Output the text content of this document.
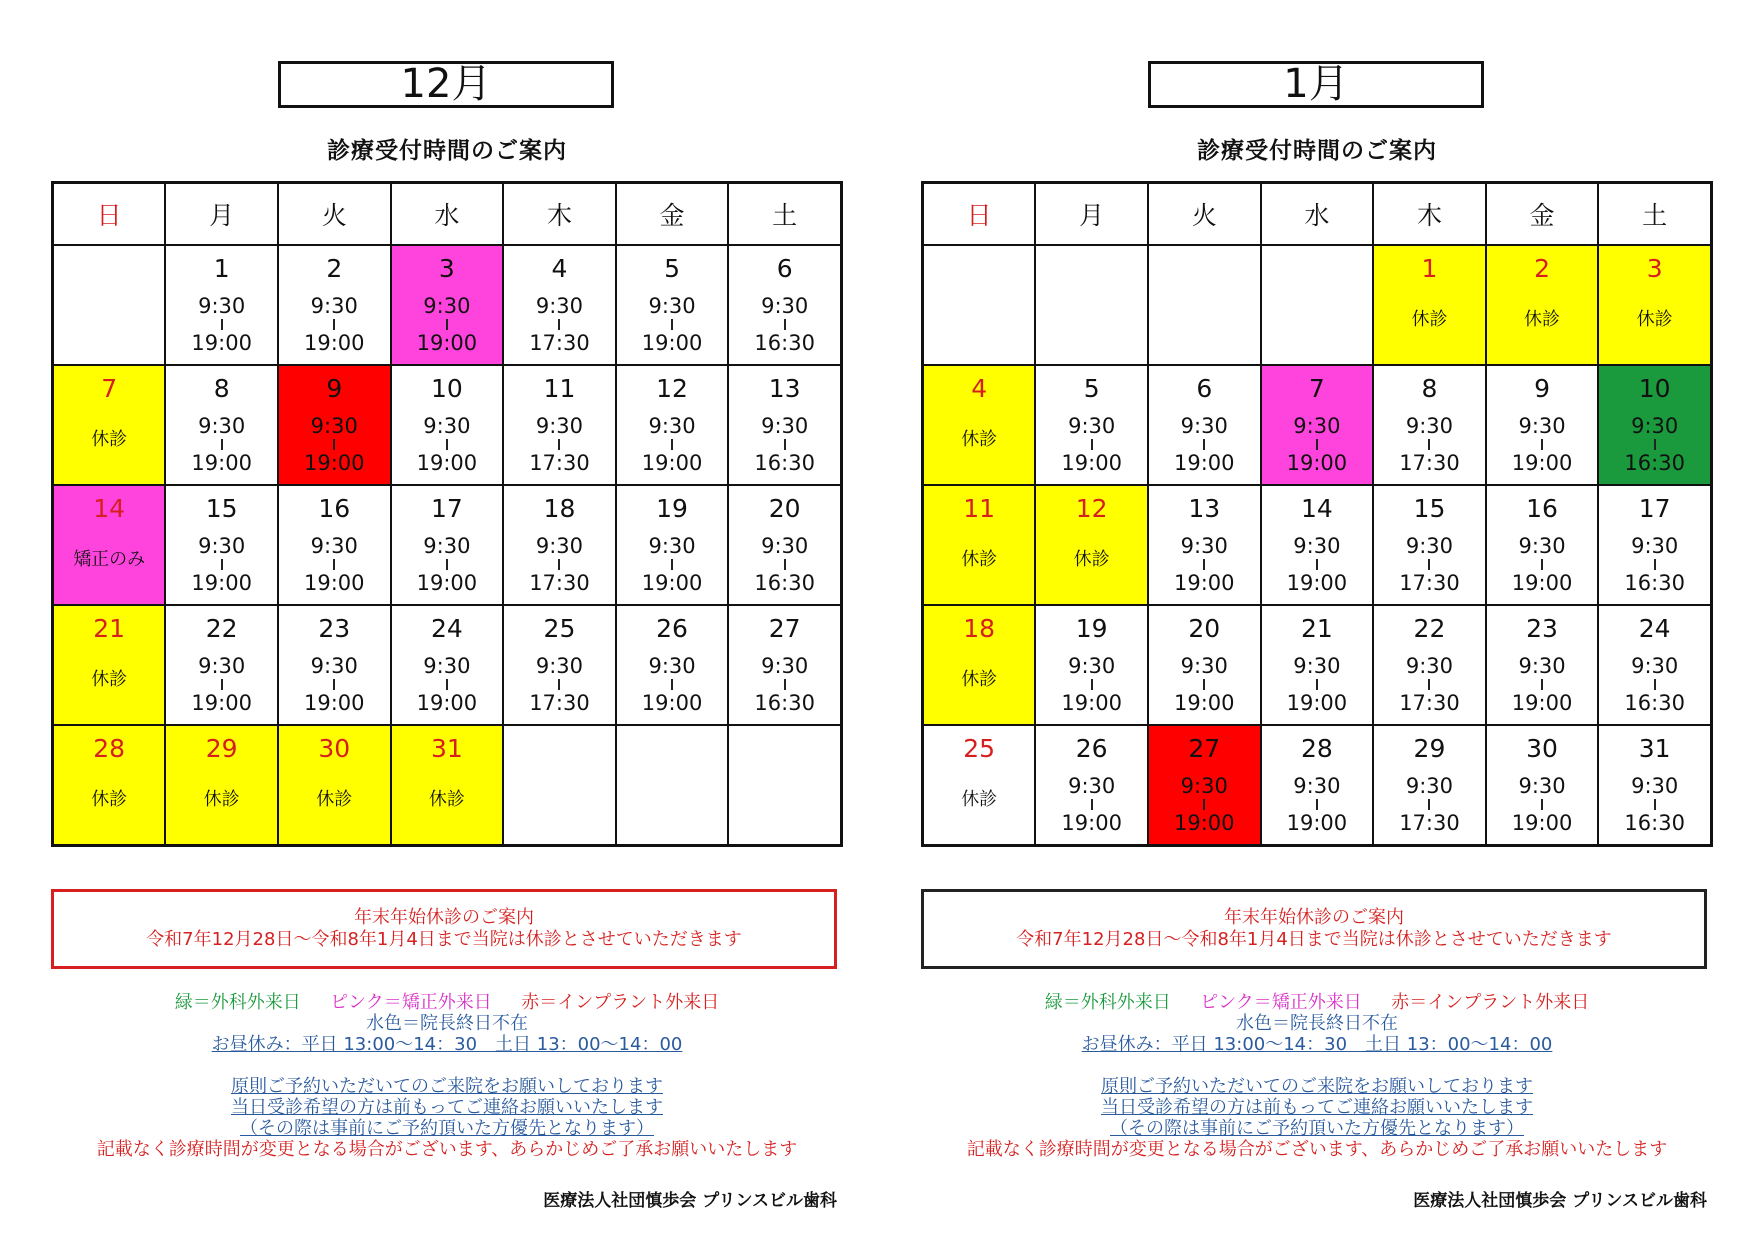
12月
診療受付時間のご案内
日	月	火	水	木	金	土

	1
9:30
19:00	2
9:30
19:00	3
9:30
19:00	4
9:30
17:30	5
9:30
19:00	6
9:30
16:30

7
休診	8
9:30
19:00	9
9:30
19:00	10
9:30
19:00	11
9:30
17:30	12
9:30
19:00	13
9:30
16:30

14
矯正のみ	15
9:30
19:00	16
9:30
19:00	17
9:30
19:00	18
9:30
17:30	19
9:30
19:00	20
9:30
16:30

21
休診	22
9:30
19:00	23
9:30
19:00	24
9:30
19:00	25
9:30
17:30	26
9:30
19:00	27
9:30
16:30

28
休診	29
休診	30
休診	31
休診			

年末年始休診のご案内
令和7年12月28日～令和8年1月4日まで当院は休診とさせていただきます
緑＝外科外来日 　 ピンク＝矯正外来日 　 赤＝インプラント外来日
水色＝院長終日不在
お昼休み：平日 13:00～14：30　土日 13：00～14：00
原則ご予約いただいてのご来院をお願いしております
当日受診希望の方は前もってご連絡お願いいたします
（その際は事前にご予約頂いた方優先となります）
記載なく診療時間が変更となる場合がございます、あらかじめご了承お願いいたします
医療法人社団慎歩会 プリンスビル歯科
1月
診療受付時間のご案内
日	月	火	水	木	金	土

				1
休診	2
休診	3
休診

4
休診	5
9:30
19:00	6
9:30
19:00	7
9:30
19:00	8
9:30
17:30	9
9:30
19:00	10
9:30
16:30

11
休診	12
休診	13
9:30
19:00	14
9:30
19:00	15
9:30
17:30	16
9:30
19:00	17
9:30
16:30

18
休診	19
9:30
19:00	20
9:30
19:00	21
9:30
19:00	22
9:30
17:30	23
9:30
19:00	24
9:30
16:30

25
休診	26
9:30
19:00	27
9:30
19:00	28
9:30
19:00	29
9:30
17:30	30
9:30
19:00	31
9:30
16:30
年末年始休診のご案内
令和7年12月28日～令和8年1月4日まで当院は休診とさせていただきます
緑＝外科外来日 　 ピンク＝矯正外来日 　 赤＝インプラント外来日
水色＝院長終日不在
お昼休み：平日 13:00～14：30　土日 13：00～14：00
原則ご予約いただいてのご来院をお願いしております
当日受診希望の方は前もってご連絡お願いいたします
（その際は事前にご予約頂いた方優先となります）
記載なく診療時間が変更となる場合がございます、あらかじめご了承お願いいたします
医療法人社団慎歩会 プリンスビル歯科
